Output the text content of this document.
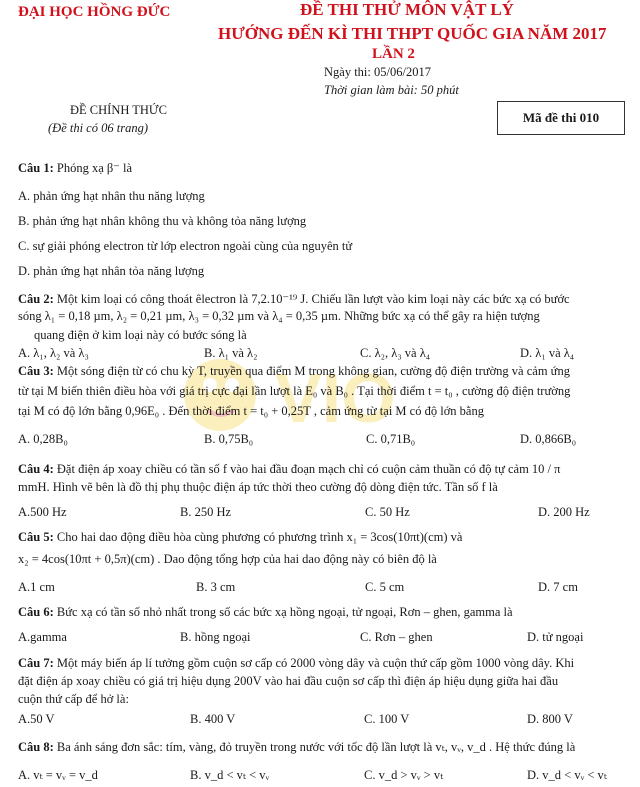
VIO
ĐẠI HỌC HỒNG ĐỨC	ĐỀ THI THỬ MÔN VẬT LÝ
HƯỚNG ĐẾN KÌ THI THPT QUỐC GIA NĂM 2017
LẦN 2
Ngày thi: 05/06/2017
Thời gian làm bài: 50 phút
ĐỀ CHÍNH THỨC
(Đề thi có 06 trang)
Mã đề thi 010
Câu 1: Phóng xạ β⁻ là
A. phản ứng hạt nhân thu năng lượng
B. phản ứng hạt nhân không thu và không tỏa năng lượng
C. sự giải phóng electron từ lớp electron ngoài cùng của nguyên tử
D. phản ứng hạt nhân tỏa năng lượng
Câu 2: Một kim loại có công thoát êlectron là 7,2.10⁻¹⁹ J. Chiếu lần lượt vào kim loại này các bức xạ có bước
sóng λ₁ = 0,18 µm, λ₂ = 0,21 µm, λ₃ = 0,32 µm và λ₄ = 0,35 µm. Những bức xạ có thể gây ra hiện tượng
quang điện ở kim loại này có bước sóng là
A. λ₁, λ₂ và λ₃	B. λ₁ và λ₂	C. λ₂, λ₃ và λ₄	D. λ₁ và λ₄
Câu 3: Một sóng điện từ có chu kỳ T, truyền qua điểm M trong không gian, cường độ điện trường và cảm ứng
từ tại M biến thiên điều hòa với giá trị cực đại lần lượt là E₀ và B₀ . Tại thời điểm t = t₀ , cường độ điện trường
tại M có độ lớn bằng 0,96E₀ . Đến thời điểm t = t₀ + 0,25T , cảm ứng từ tại M có độ lớn bằng
A. 0,28B₀	B. 0,75B₀	C. 0,71B₀	D. 0,866B₀
Câu 4: Đặt điện áp xoay chiều có tần số f vào hai đầu đoạn mạch chỉ có cuộn cảm thuần có độ tự cảm 10 / π
mmH. Hình vẽ bên là đồ thị phụ thuộc điện áp tức thời theo cường độ dòng điện tức. Tần số f là
A.500 Hz	B. 250 Hz	C. 50 Hz	D. 200 Hz
Câu 5: Cho hai dao động điều hòa cùng phương có phương trình x₁ = 3cos(10πt)(cm) và
x₂ = 4cos(10πt + 0,5π)(cm) . Dao động tổng hợp của hai dao động này có biên độ là
A.1 cm	B. 3 cm	C. 5 cm	D. 7 cm
Câu 6: Bức xạ có tần số nhỏ nhất trong số các bức xạ hồng ngoại, tử ngoại, Rơn – ghen, gamma là
A.gamma	B. hồng ngoại	C. Rơn – ghen	D. tử ngoại
Câu 7: Một máy biến áp lí tưởng gồm cuộn sơ cấp có 2000 vòng dây và cuộn thứ cấp gồm 1000 vòng dây. Khi
đặt điện áp xoay chiều có giá trị hiệu dụng 200V vào hai đầu cuộn sơ cấp thì điện áp hiệu dụng giữa hai đầu
cuộn thứ cấp để hở là:
A.50 V	B. 400 V	C. 100 V	D. 800 V
Câu 8: Ba ánh sáng đơn sắc: tím, vàng, đỏ truyền trong nước với tốc độ lần lượt là vₜ, vᵥ, v_d . Hệ thức đúng là
A. vₜ = vᵥ = v_d	B. v_d < vₜ < vᵥ	C. v_d > vᵥ > vₜ	D. v_d < vᵥ < vₜ
